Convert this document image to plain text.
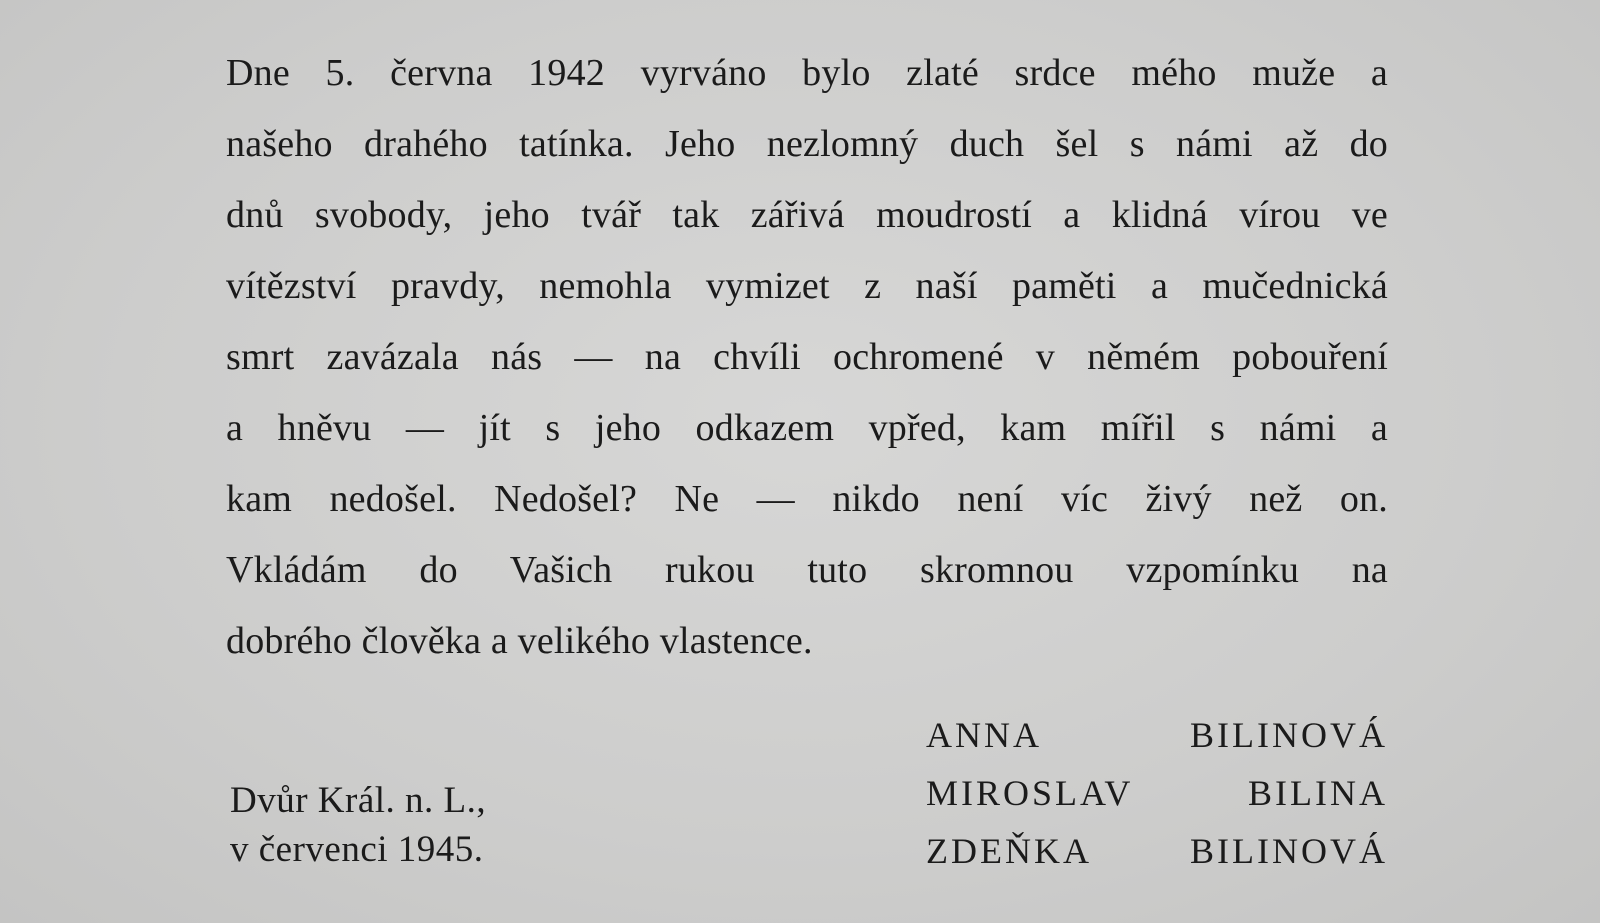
Dne 5. června 1942 vyrváno bylo zlaté srdce mého muže a
našeho drahého tatínka. Jeho nezlomný duch šel s námi až do
dnů svobody, jeho tvář tak zářivá moudrostí a klidná vírou ve
vítězství pravdy, nemohla vymizet z naší paměti a mučednická
smrt zavázala nás — na chvíli ochromené v němém pobouření
a hněvu — jít s jeho odkazem vpřed, kam mířil s námi a
kam nedošel. Nedošel? Ne — nikdo není víc živý než on.
Vkládám do Vašich rukou tuto skromnou vzpomínku na
dobrého člověka a velikého vlastence.
Dvůr Král. n. L.,
v červenci 1945.
ANNA BILINOVÁ
MIROSLAV BILINA
ZDEŇKA BILINOVÁ
